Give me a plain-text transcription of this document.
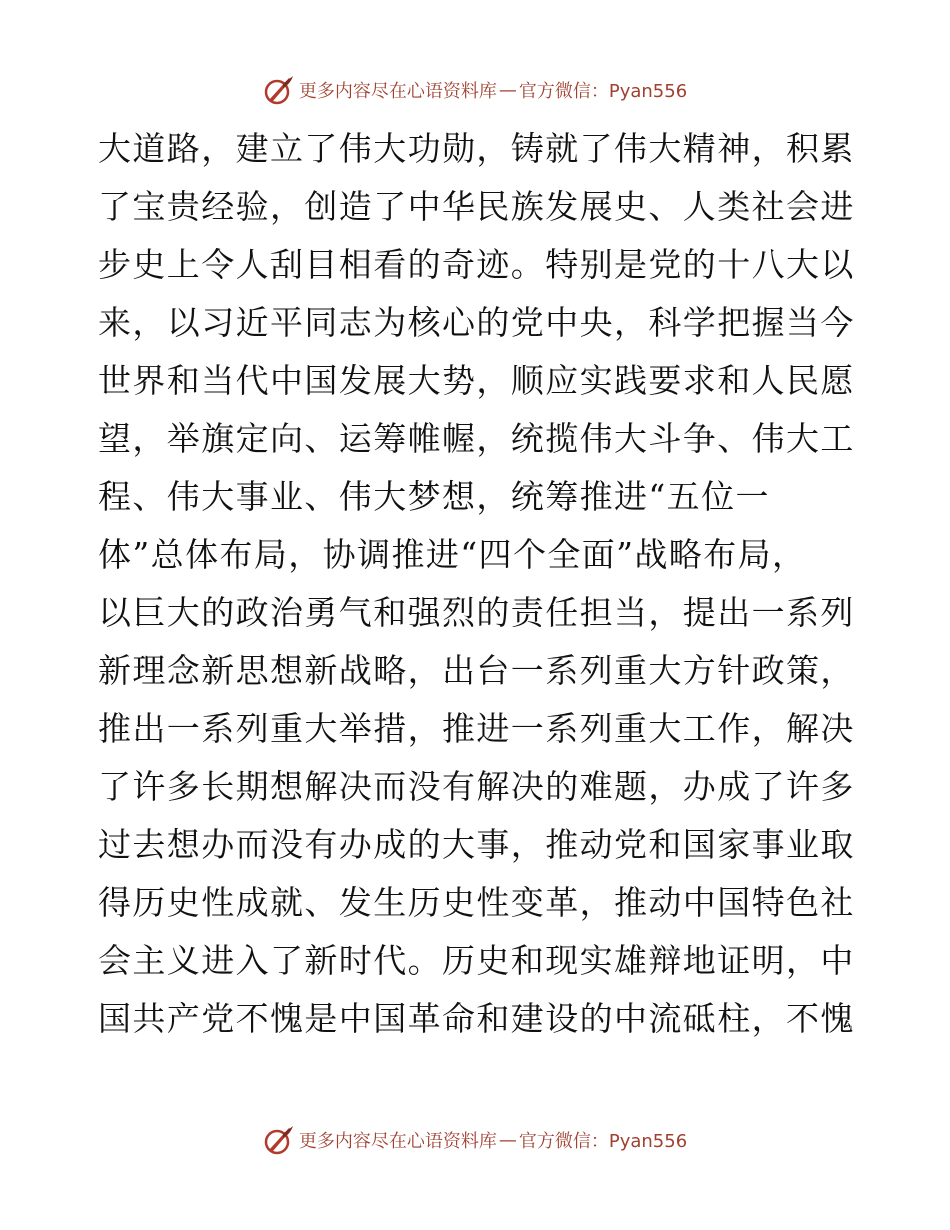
更多内容尽在心语资料库 — 官方微信：Pyan556
大道路，建立了伟大功勋，铸就了伟大精神，积累
了宝贵经验，创造了中华民族发展史、人类社会进
步史上令人刮目相看的奇迹。特别是党的十八大以
来，以习近平同志为核心的党中央，科学把握当今
世界和当代中国发展大势，顺应实践要求和人民愿
望，举旗定向、运筹帷幄，统揽伟大斗争、伟大工
程、伟大事业、伟大梦想，统筹推进“五位一
体”总体布局，协调推进“四个全面”战略布局，
以巨大的政治勇气和强烈的责任担当，提出一系列
新理念新思想新战略，出台一系列重大方针政策，
推出一系列重大举措，推进一系列重大工作，解决
了许多长期想解决而没有解决的难题，办成了许多
过去想办而没有办成的大事，推动党和国家事业取
得历史性成就、发生历史性变革，推动中国特色社
会主义进入了新时代。历史和现实雄辩地证明，中
国共产党不愧是中国革命和建设的中流砥柱，不愧
更多内容尽在心语资料库 — 官方微信：Pyan556
